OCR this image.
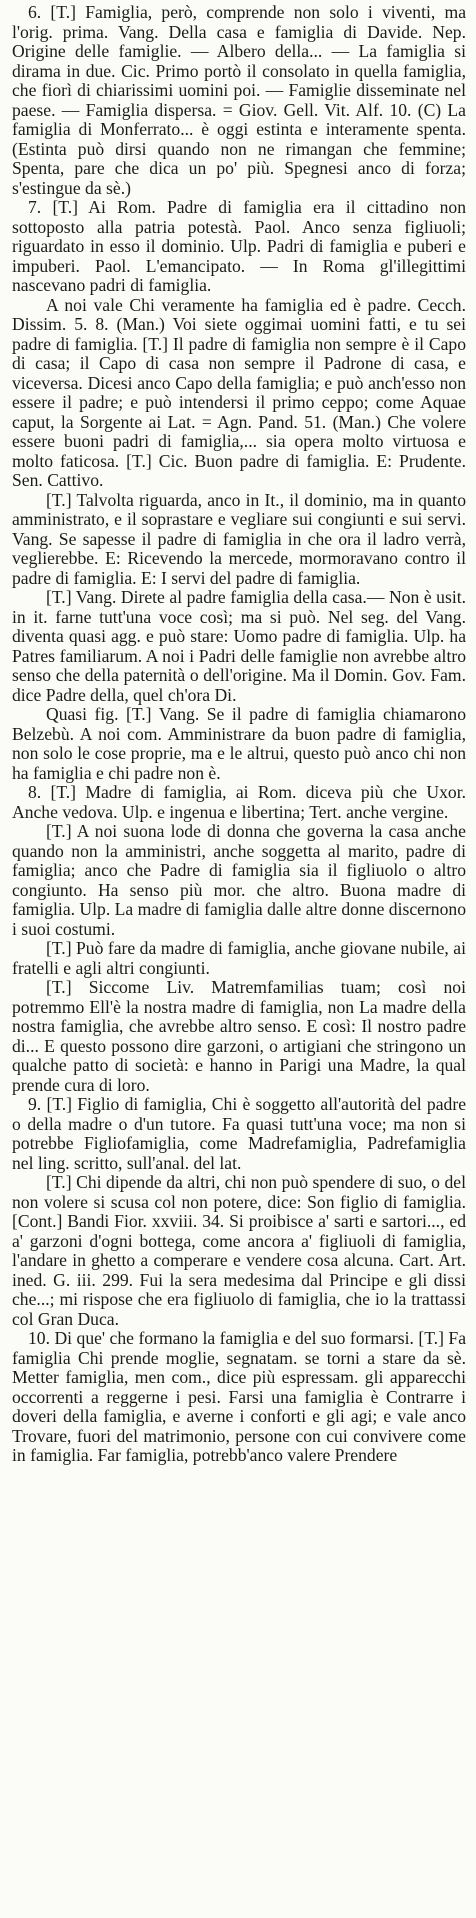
6. [T.] Famiglia, però, comprende non solo i viventi, ma l'orig. prima. Vang. Della casa e famiglia di Davide. Nep. Origine delle famiglie. — Albero della... — La famiglia si dirama in due. Cic. Primo portò il consolato in quella famiglia, che fiorì di chiarissimi uomini poi. — Famiglie disseminate nel paese. — Famiglia dispersa. = Giov. Gell. Vit. Alf. 10. (C) La famiglia di Monferrato... è oggi estinta e interamente spenta. (Estinta può dirsi quando non ne rimangan che femmine; Spenta, pare che dica un po' più. Spegnesi anco di forza; s'estingue da sè.)

7. [T.] Ai Rom. Padre di famiglia era il cittadino non sottoposto alla patria potestà. Paol. Anco senza figliuoli; riguardato in esso il dominio. Ulp. Padri di famiglia e puberi e impuberi. Paol. L'emancipato. — In Roma gl'illegittimi nascevano padri di famiglia.

A noi vale Chi veramente ha famiglia ed è padre. Cecch. Dissim. 5. 8. (Man.) Voi siete oggimai uomini fatti, e tu sei padre di famiglia. [T.] Il padre di famiglia non sempre è il Capo di casa; il Capo di casa non sempre il Padrone di casa, e viceversa. Dicesi anco Capo della famiglia; e può anch'esso non essere il padre; e può intendersi il primo ceppo; come Aquae caput, la Sorgente ai Lat. = Agn. Pand. 51. (Man.) Che volere essere buoni padri di famiglia,... sia opera molto virtuosa e molto faticosa. [T.] Cic. Buon padre di famiglia. E: Prudente. Sen. Cattivo.

[T.] Talvolta riguarda, anco in It., il dominio, ma in quanto amministrato, e il soprastare e vegliare sui congiunti e sui servi. Vang. Se sapesse il padre di famiglia in che ora il ladro verrà, veglierebbe. E: Ricevendo la mercede, mormoravano contro il padre di famiglia. E: I servi del padre di famiglia.

[T.] Vang. Direte al padre famiglia della casa.— Non è usit. in it. farne tutt'una voce così; ma si può. Nel seg. del Vang. diventa quasi agg. e può stare: Uomo padre di famiglia. Ulp. ha Patres familiarum. A noi i Padri delle famiglie non avrebbe altro senso che della paternità o dell'origine. Ma il Domin. Gov. Fam. dice Padre della, quel ch'ora Di.

Quasi fig. [T.] Vang. Se il padre di famiglia chiamarono Belzebù. A noi com. Amministrare da buon padre di famiglia, non solo le cose proprie, ma e le altrui, questo può anco chi non ha famiglia e chi padre non è.

8. [T.] Madre di famiglia, ai Rom. diceva più che Uxor. Anche vedova. Ulp. e ingenua e libertina; Tert. anche vergine.

[T.] A noi suona lode di donna che governa la casa anche quando non la amministri, anche soggetta al marito, padre di famiglia; anco che Padre di famiglia sia il figliuolo o altro congiunto. Ha senso più mor. che altro. Buona madre di famiglia. Ulp. La madre di famiglia dalle altre donne discernono i suoi costumi.

[T.] Può fare da madre di famiglia, anche giovane nubile, ai fratelli e agli altri congiunti.

[T.] Siccome Liv. Matremfamilias tuam; così noi potremmo Ell'è la nostra madre di famiglia, non La madre della nostra famiglia, che avrebbe altro senso. E così: Il nostro padre di... E questo possono dire garzoni, o artigiani che stringono un qualche patto di società: e hanno in Parigi una Madre, la qual prende cura di loro.

9. [T.] Figlio di famiglia, Chi è soggetto all'autorità del padre o della madre o d'un tutore. Fa quasi tutt'una voce; ma non si potrebbe Figliofamiglia, come Madrefamiglia, Padrefamiglia nel ling. scritto, sull'anal. del lat.

[T.] Chi dipende da altri, chi non può spendere di suo, o del non volere si scusa col non potere, dice: Son figlio di famiglia. [Cont.] Bandi Fior. xxviii. 34. Si proibisce a' sarti e sartori..., ed a' garzoni d'ogni bottega, come ancora a' figliuoli di famiglia, l'andare in ghetto a comperare e vendere cosa alcuna. Cart. Art. ined. G. iii. 299. Fui la sera medesima dal Principe e gli dissi che...; mi rispose che era figliuolo di famiglia, che io la trattassi col Gran Duca.

10. Di que' che formano la famiglia e del suo formarsi. [T.] Fa famiglia Chi prende moglie, segnatam. se torni a stare da sè. Metter famiglia, men com., dice più espressam. gli apparecchi occorrenti a reggerne i pesi. Farsi una famiglia è Contrarre i doveri della famiglia, e averne i conforti e gli agi; e vale anco Trovare, fuori del matrimonio, persone con cui convivere come in famiglia. Far famiglia, potrebb'anco valere Prendere
